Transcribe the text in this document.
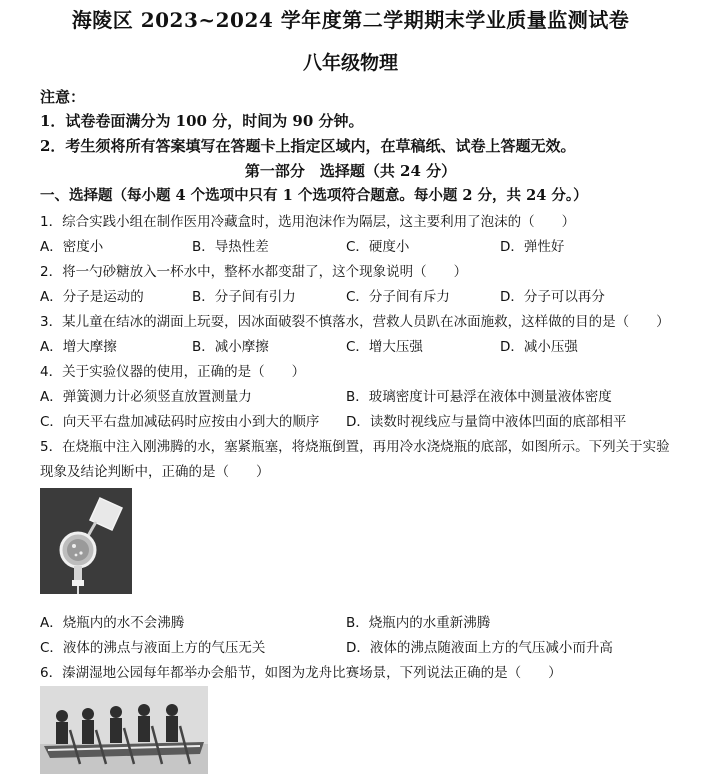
海陵区 2023~2024 学年度第二学期期末学业质量监测试卷
八年级物理
注意：
1．试卷卷面满分为 100 分，时间为 90 分钟。
2．考生须将所有答案填写在答题卡上指定区域内，在草稿纸、试卷上答题无效。
第一部分　选择题（共 24 分）
一、选择题（每小题 4 个选项中只有 1 个选项符合题意。每小题 2 分，共 24 分。）
1．综合实践小组在制作医用冷藏盒时，选用泡沫作为隔层，这主要利用了泡沫的（　　）
A．密度小	B．导热性差	C．硬度小	D．弹性好
2．将一勺砂糖放入一杯水中，整杯水都变甜了，这个现象说明（　　）
A．分子是运动的	B．分子间有引力	C．分子间有斥力	D．分子可以再分
3．某儿童在结冰的湖面上玩耍，因冰面破裂不慎落水，营救人员趴在冰面施救，这样做的目的是（　　）
A．增大摩擦	B．减小摩擦	C．增大压强	D．减小压强
4．关于实验仪器的使用，正确的是（　　）
A．弹簧测力计必须竖直放置测量力	B．玻璃密度计可悬浮在液体中测量液体密度
C．向天平右盘加减砝码时应按由小到大的顺序 D．读数时视线应与量筒中液体凹面的底部相平
5．在烧瓶中注入刚沸腾的水，塞紧瓶塞，将烧瓶倒置，再用冷水浇烧瓶的底部，如图所示。下列关于实验
现象及结论判断中，正确的是（　　）
A．烧瓶内的水不会沸腾	B．烧瓶内的水重新沸腾
C．液体的沸点与液面上方的气压无关	D．液体的沸点随液面上方的气压减小而升高
6．溱湖湿地公园每年都举办会船节，如图为龙舟比赛场景，下列说法正确的是（　　）
